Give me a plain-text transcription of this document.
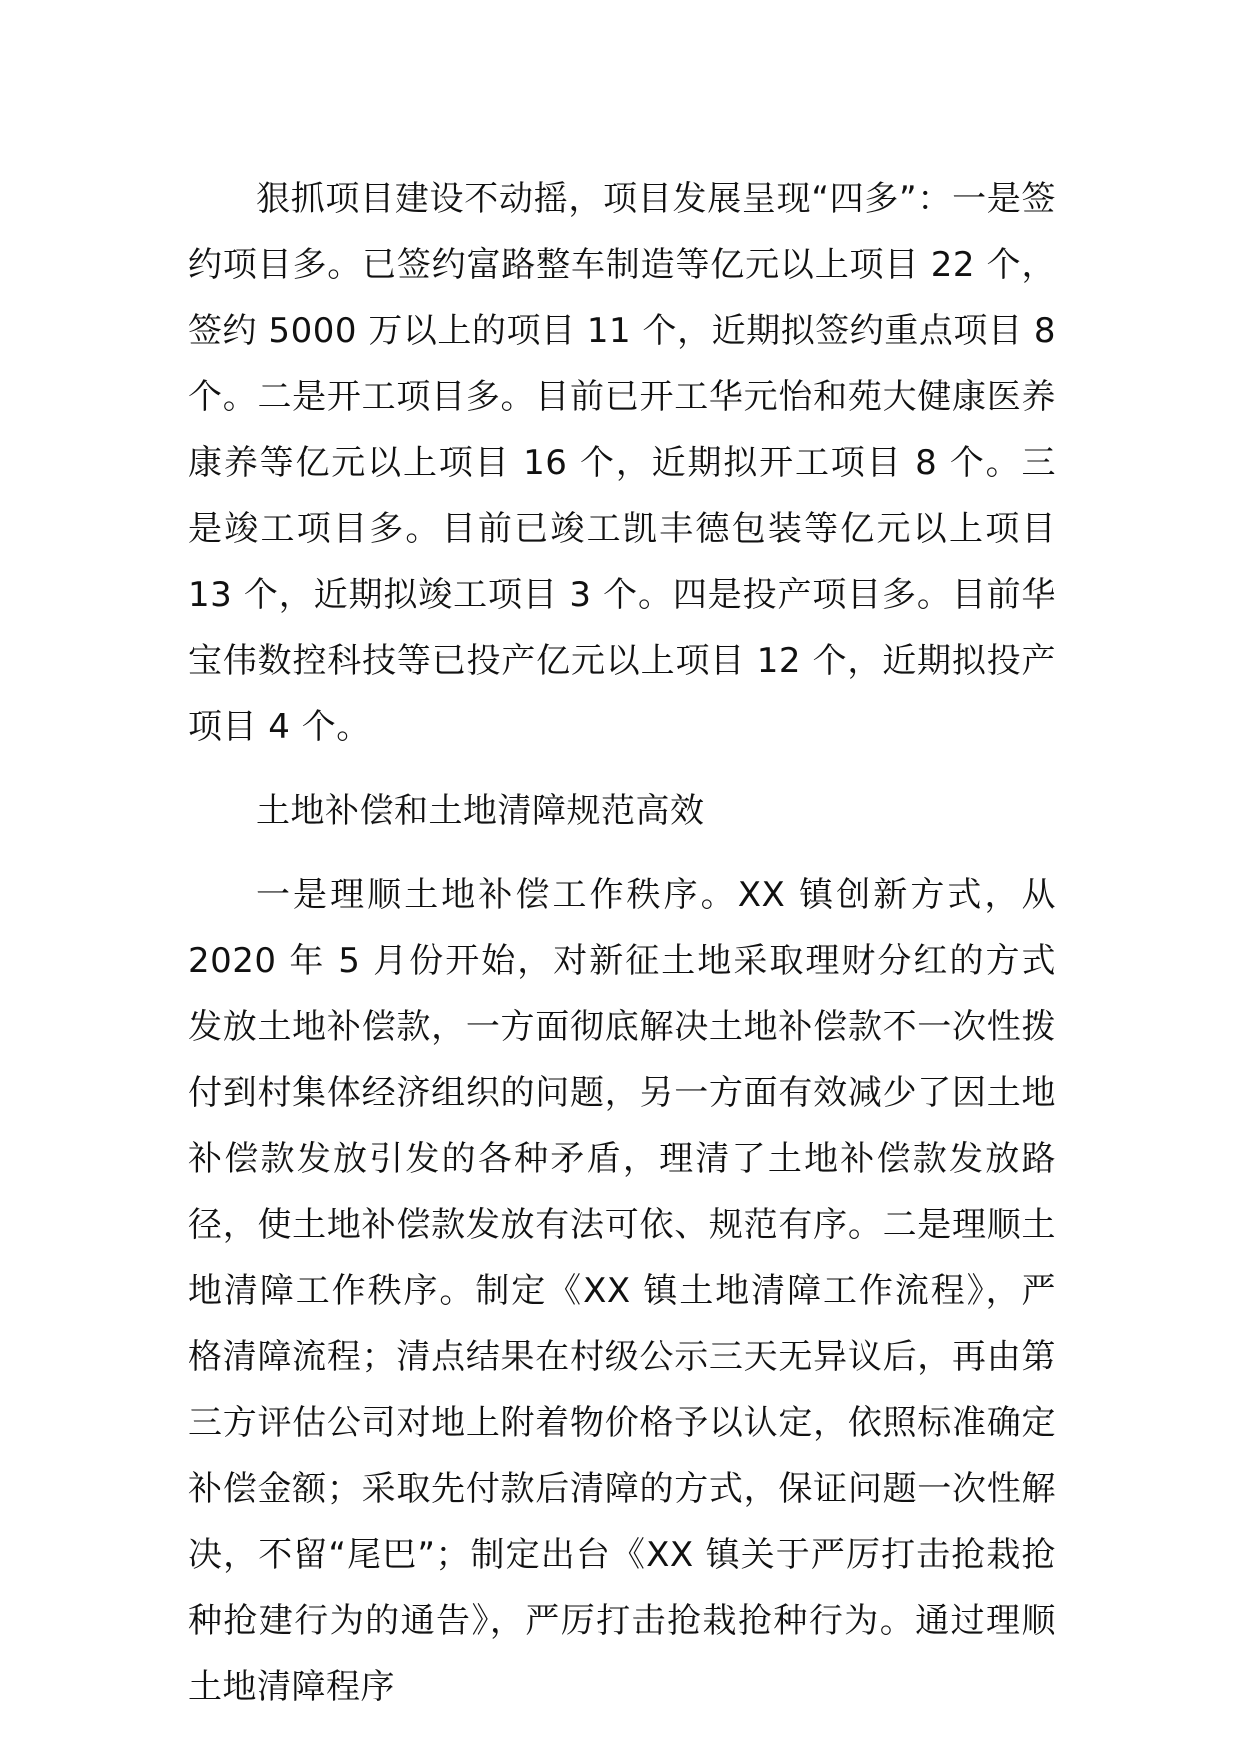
狠抓项目建设不动摇，项目发展呈现“四多”：一是签约项目多。已签约富路整车制造等亿元以上项目 22 个，签约 5000 万以上的项目 11 个，近期拟签约重点项目 8 个。二是开工项目多。目前已开工华元怡和苑大健康医养康养等亿元以上项目 16 个，近期拟开工项目 8 个。三是竣工项目多。目前已竣工凯丰德包装等亿元以上项目 13 个，近期拟竣工项目 3 个。四是投产项目多。目前华宝伟数控科技等已投产亿元以上项目 12 个，近期拟投产项目 4 个。

土地补偿和土地清障规范高效

一是理顺土地补偿工作秩序。XX 镇创新方式，从 2020 年 5 月份开始，对新征土地采取理财分红的方式发放土地补偿款，一方面彻底解决土地补偿款不一次性拨付到村集体经济组织的问题，另一方面有效减少了因土地补偿款发放引发的各种矛盾，理清了土地补偿款发放路径，使土地补偿款发放有法可依、规范有序。二是理顺土地清障工作秩序。制定《XX 镇土地清障工作流程》，严格清障流程；清点结果在村级公示三天无异议后，再由第三方评估公司对地上附着物价格予以认定，依照标准确定补偿金额；采取先付款后清障的方式，保证问题一次性解决，不留“尾巴”；制定出台《XX 镇关于严厉打击抢栽抢种抢建行为的通告》，严厉打击抢栽抢种行为。通过理顺土地清障程序
